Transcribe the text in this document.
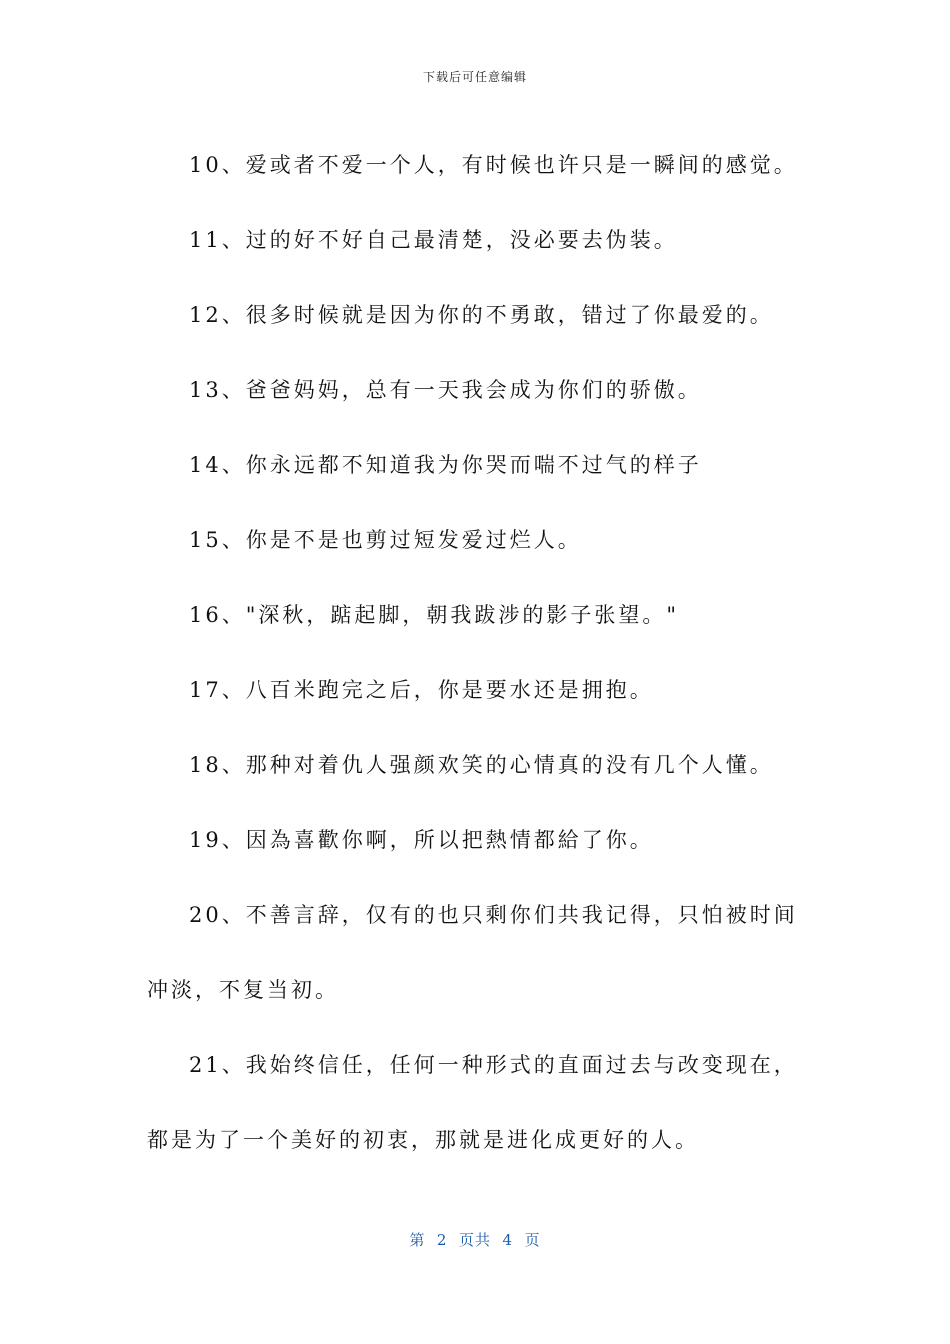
下载后可任意编辑

10、爱或者不爱一个人，有时候也许只是一瞬间的感觉。

11、过的好不好自己最清楚，没必要去伪装。

12、很多时候就是因为你的不勇敢，错过了你最爱的。

13、爸爸妈妈，总有一天我会成为你们的骄傲。

14、你永远都不知道我为你哭而喘不过气的样子

15、你是不是也剪过短发爱过烂人。

16、"深秋，踮起脚，朝我跋涉的影子张望。"

17、八百米跑完之后，你是要水还是拥抱。

18、那种对着仇人强颜欢笑的心情真的没有几个人懂。

19、因為喜歡你啊，所以把熱情都給了你。

20、不善言辞，仅有的也只剩你们共我记得，只怕被时间冲淡，不复当初。

21、我始终信任，任何一种形式的直面过去与改变现在，都是为了一个美好的初衷，那就是进化成更好的人。

第  2  页共  4  页
